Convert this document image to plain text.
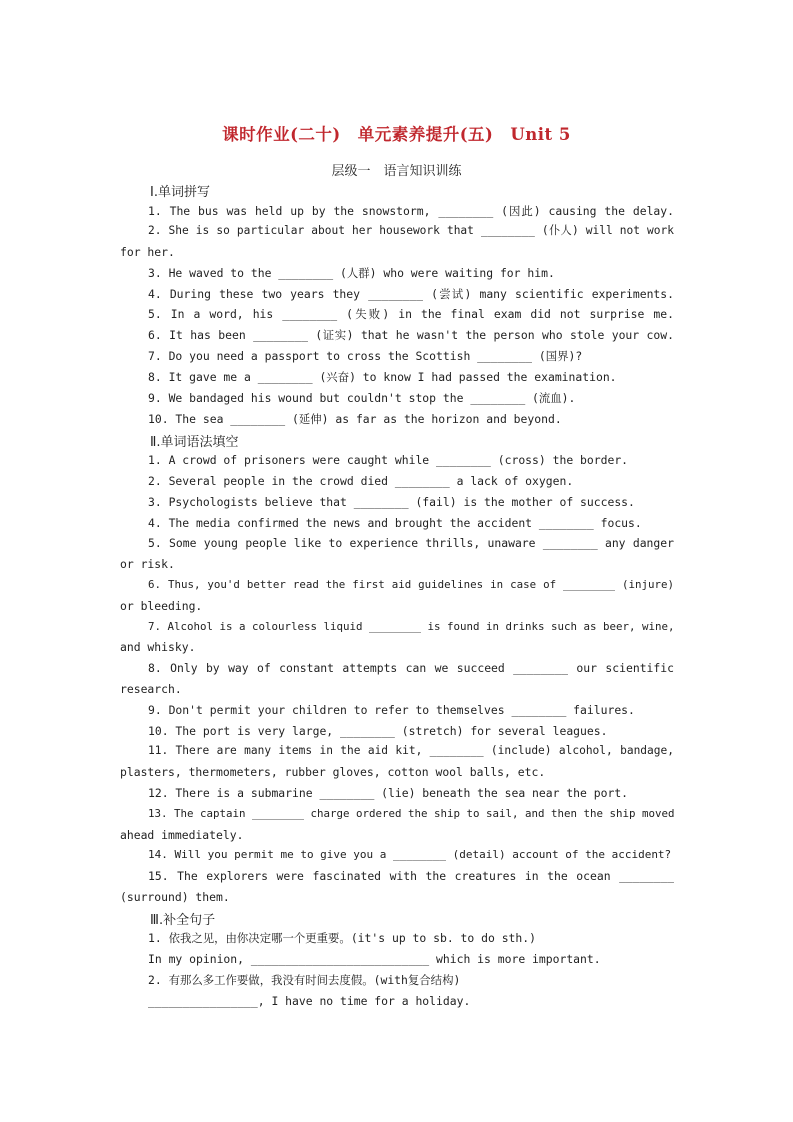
课时作业(二十)　单元素养提升(五)　Unit 5
层级一　语言知识训练
Ⅰ.单词拼写
1. The bus was held up by the snowstorm, ________ (因此) causing the delay.
2. She is so particular about her housework that ________ (仆人) will not work
for her.
3. He waved to the ________ (人群) who were waiting for him.
4. During these two years they ________ (尝试) many scientific experiments.
5. In a word, his ________ (失败) in the final exam did not surprise me.
6. It has been ________ (证实) that he wasn't the person who stole your cow.
7. Do you need a passport to cross the Scottish ________ (国界)?
8. It gave me a ________ (兴奋) to know I had passed the examination.
9. We bandaged his wound but couldn't stop the ________ (流血).
10. The sea ________ (延伸) as far as the horizon and beyond.
Ⅱ.单词语法填空
1. A crowd of prisoners were caught while ________ (cross) the border.
2. Several people in the crowd died ________ a lack of oxygen.
3. Psychologists believe that ________ (fail) is the mother of success.
4. The media confirmed the news and brought the accident ________ focus.
5. Some young people like to experience thrills, unaware ________ any danger
or risk.
6. Thus, you'd better read the first aid guidelines in case of ________ (injure)
or bleeding.
7. Alcohol is a colourless liquid ________ is found in drinks such as beer, wine,
and whisky.
8. Only by way of constant attempts can we succeed ________ our scientific
research.
9. Don't permit your children to refer to themselves ________ failures.
10. The port is very large, ________ (stretch) for several leagues.
11. There are many items in the aid kit, ________ (include) alcohol, bandage,
plasters, thermometers, rubber gloves, cotton wool balls, etc.
12. There is a submarine ________ (lie) beneath the sea near the port.
13. The captain ________ charge ordered the ship to sail, and then the ship moved
ahead immediately.
14. Will you permit me to give you a ________ (detail) account of the accident?
15. The explorers were fascinated with the creatures in the ocean ________
(surround) them.
Ⅲ.补全句子
1. 依我之见，由你决定哪一个更重要。(it's up to sb. to do sth.)
In my opinion, __________________________ which is more important.
2. 有那么多工作要做，我没有时间去度假。(with复合结构)
________________, I have no time for a holiday.
